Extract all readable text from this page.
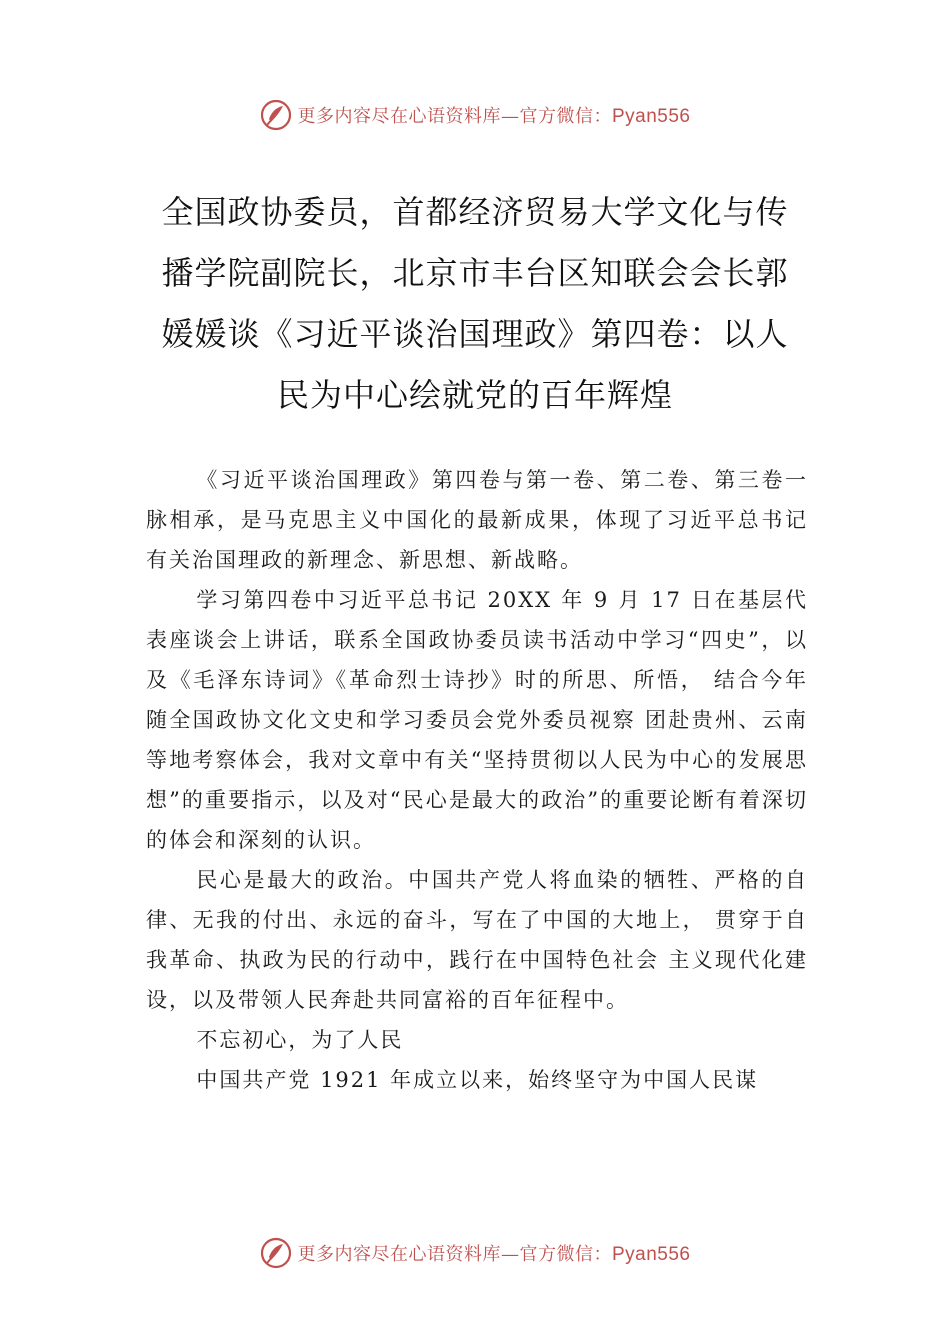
更多内容尽在心语资料库—官方微信：Pyan556
全国政协委员，首都经济贸易大学文化与传播学院副院长，北京市丰台区知联会会长郭媛媛谈《习近平谈治国理政》第四卷：以人民为中心绘就党的百年辉煌

《习近平谈治国理政》第四卷与第一卷、第二卷、第三卷一脉相承，是马克思主义中国化的最新成果，体现了习近平总书记有关治国理政的新理念、新思想、新战略。

学习第四卷中习近平总书记 20XX 年 9 月 17 日在基层代表座谈会上讲话，联系全国政协委员读书活动中学习“四史”，以及《毛泽东诗词》《革命烈士诗抄》时的所思、所悟， 结合今年随全国政协文化文史和学习委员会党外委员视察 团赴贵州、云南等地考察体会，我对文章中有关“坚持贯彻以人民为中心的发展思想”的重要指示，以及对“民心是最大的政治”的重要论断有着深切的体会和深刻的认识。

民心是最大的政治。中国共产党人将血染的牺牲、严格的自律、无我的付出、永远的奋斗，写在了中国的大地上， 贯穿于自我革命、执政为民的行动中，践行在中国特色社会 主义现代化建设，以及带领人民奔赴共同富裕的百年征程中。

不忘初心，为了人民

中国共产党 1921 年成立以来，始终坚守为中国人民谋

更多内容尽在心语资料库—官方微信：Pyan556
